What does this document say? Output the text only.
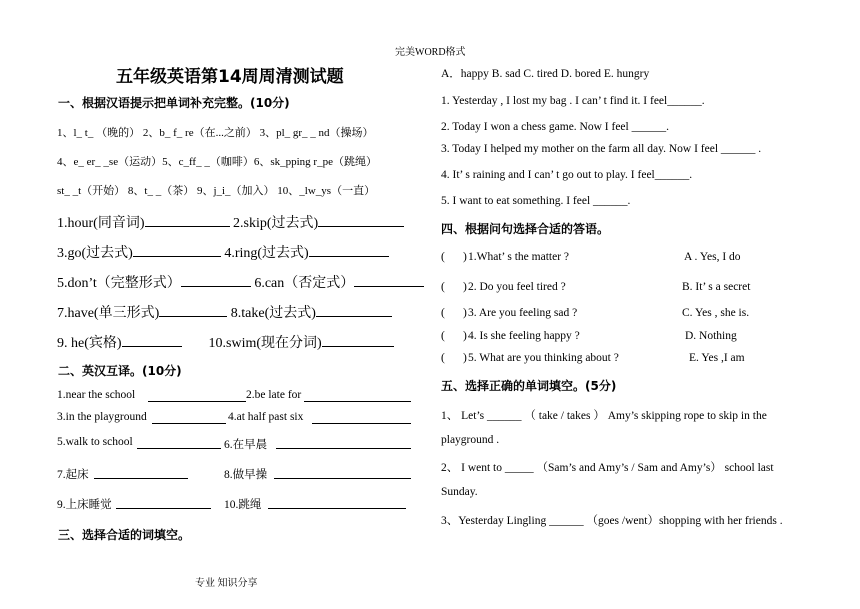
完美WORD格式
专业 知识分享
五年级英语第14周周清测试题
一、根据汉语提示把单词补充完整。(10分)
1、l_ t_ （晚的） 2、b_ f_ re（在...之前） 3、pl_ gr_ _ nd（操场）
4、e_ er_ _se（运动）5、c_ff_ _（咖啡）6、sk_pping r_pe（跳绳）
st_ _t（开始） 8、t_ _（茶） 9、j_i_（加入） 10、_lw_ys（一直）
1.hour(同音词)	2.skip(过去式)
3.go(过去式)	4.ring(过去式)
5.don’t（完整形式）	6.can（否定式）
7.have(单三形式)	8.take(过去式)
9. he(宾格)	10.swim(现在分词)
二、英汉互译。(10分)
1.near the school	2.be late for
3.in the playground	4.at half past six
5.walk to school	6.在早晨
7.起床	8.做早操
9.上床睡觉	10.跳绳
三、选择合适的词填空。
A．happy B. sad C. tired D. bored E. hungry
1. Yesterday , I lost my bag . I can’ t find it. I feel______.
2. Today I won a chess game. Now I feel ______.
3. Today I helped my mother on the farm all day. Now I feel ______ .
4. It’ s raining and I can’ t go out to play. I feel______.
5. I want to eat something. I feel ______.
四、根据问句选择合适的答语。
( ) 1.What’ s the matter ?	A . Yes, I do
( ) 2. Do you feel tired ?	B. It’ s a secret
( ) 3. Are you feeling sad ?	C. Yes , she is.
( ) 4. Is she feeling happy ?	D. Nothing
( ) 5. What are you thinking about ?	E. Yes ,I am
五、选择正确的单词填空。(5分)
1、 Let’s ______ （ take / takes ） Amy’s skipping rope to skip in the
playground .
2、 I went to _____ （Sam’s and Amy’s / Sam and Amy’s） school last
Sunday.
3、Yesterday Lingling ______ （goes /went）shopping with her friends .
